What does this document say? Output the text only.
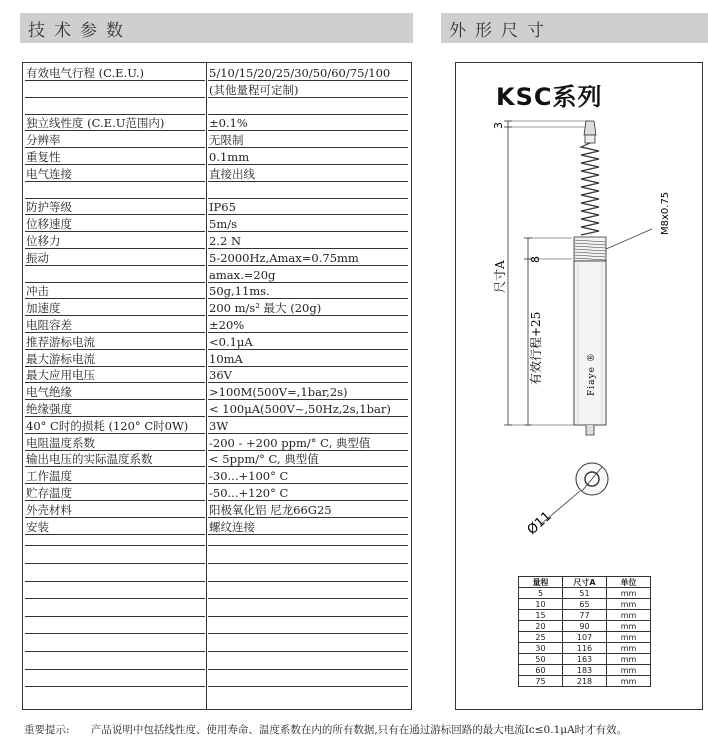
技术参数	外形尺寸
有效电气行程 (C.E.U.)	5/10/15/20/25/30/50/60/75/100
(其他量程可定制)
独立线性度 (C.E.U范围内)	±0.1%
分辨率	无限制
重复性	0.1mm
电气连接	直接出线
防护等级	IP65
位移速度	5m/s
位移力	2.2 N
振动	5-2000Hz,Amax=0.75mm
amax.=20g
冲击	50g,11ms.
加速度	200 m/s² 最大 (20g)
电阻容差	±20%
推荐游标电流	<0.1μA
最大游标电流	10mA
最大应用电压	36V
电气绝缘	>100M(500V=,1bar,2s)
绝缘强度	< 100μA(500V~,50Hz,2s,1bar)
40° C时的损耗 (120° C时0W)	3W
电阻温度系数	-200 - +200 ppm/° C, 典型值
输出电压的实际温度系数	< 5ppm/° C, 典型值
工作温度	-30...+100° C
贮存温度	-50...+120° C
外壳材料	阳极氧化铝 尼龙66G25
安装	螺纹连接
KSC系列
3
8
尺寸A
有效行程+25
M8x0.75
Fiaye ®
Ø11
量程	尺寸A	单位
5	51	mm
10	65	mm
15	77	mm
20	90	mm
25	107	mm
30	116	mm
50	163	mm
60	183	mm
75	218	mm
重要提示: 产品说明中包括线性度、使用寿命、温度系数在内的所有数据,只有在通过游标回路的最大电流Ic≤0.1μA时才有效。
